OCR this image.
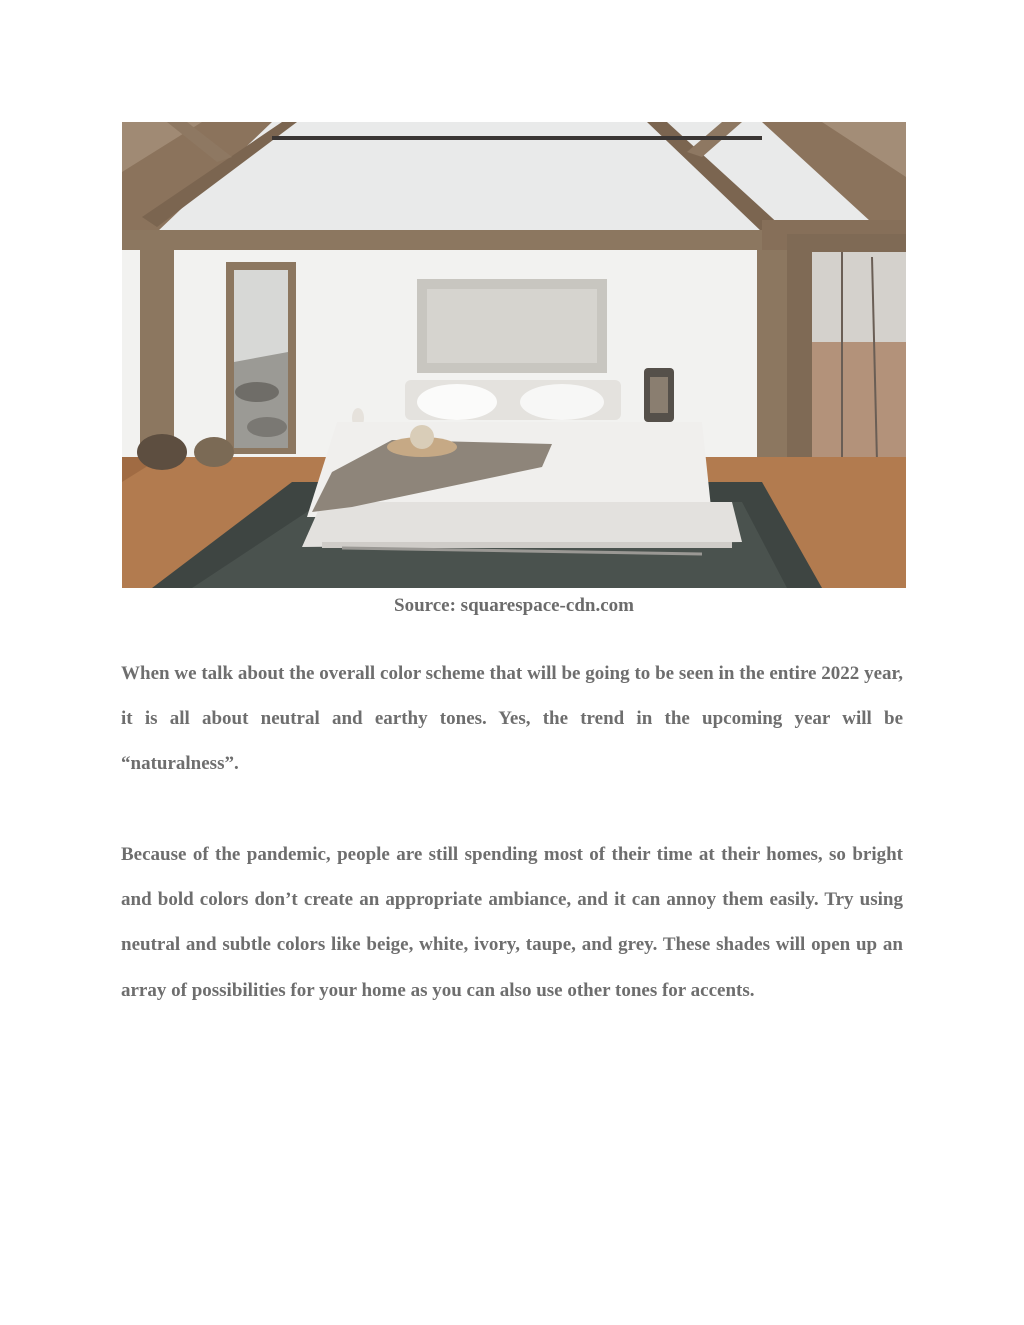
Source: squarespace-cdn.com

When we talk about the overall color scheme that will be going to be seen in the entire 2022 year, it is all about neutral and earthy tones. Yes, the trend in the upcoming year will be “naturalness”.

Because of the pandemic, people are still spending most of their time at their homes, so bright and bold colors don’t create an appropriate ambiance, and it can annoy them easily. Try using neutral and subtle colors like beige, white, ivory, taupe, and grey. These shades will open up an array of possibilities for your home as you can also use other tones for accents.
